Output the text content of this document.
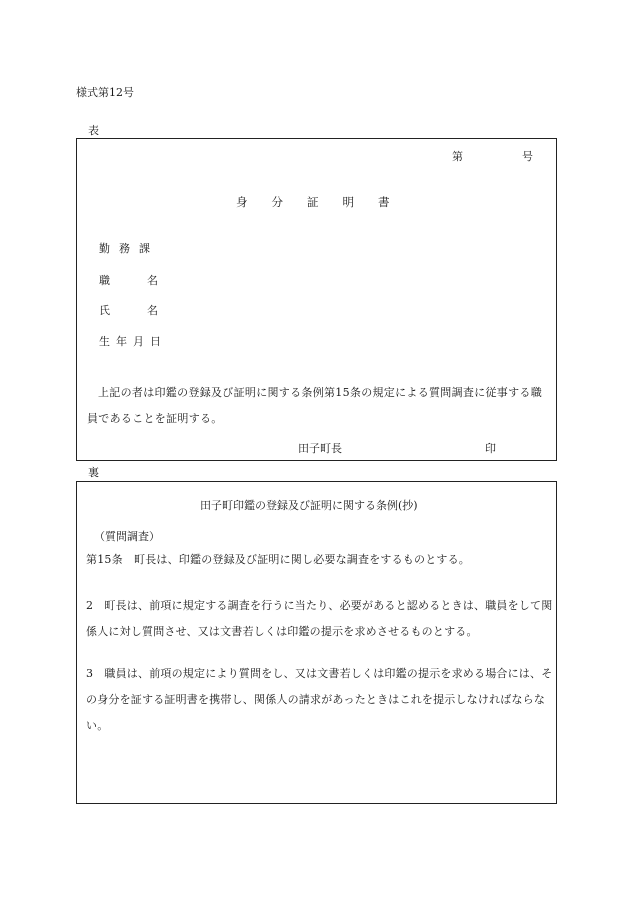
様式第12号
表
第	号
身分証明書
勤務課
職名
氏名
生年月日
上記の者は印鑑の登録及び証明に関する条例第15条の規定による質問調査に従事する職員であることを証明する。
田子町長	印
裏
田子町印鑑の登録及び証明に関する条例(抄)
（質問調査）
第15条　町長は、印鑑の登録及び証明に関し必要な調査をするものとする。
2　町長は、前項に規定する調査を行うに当たり、必要があると認めるときは、職員をして関係人に対し質問させ、又は文書若しくは印鑑の提示を求めさせるものとする。
3　職員は、前項の規定により質問をし、又は文書若しくは印鑑の提示を求める場合には、その身分を証する証明書を携帯し、関係人の請求があったときはこれを提示しなければならない。
